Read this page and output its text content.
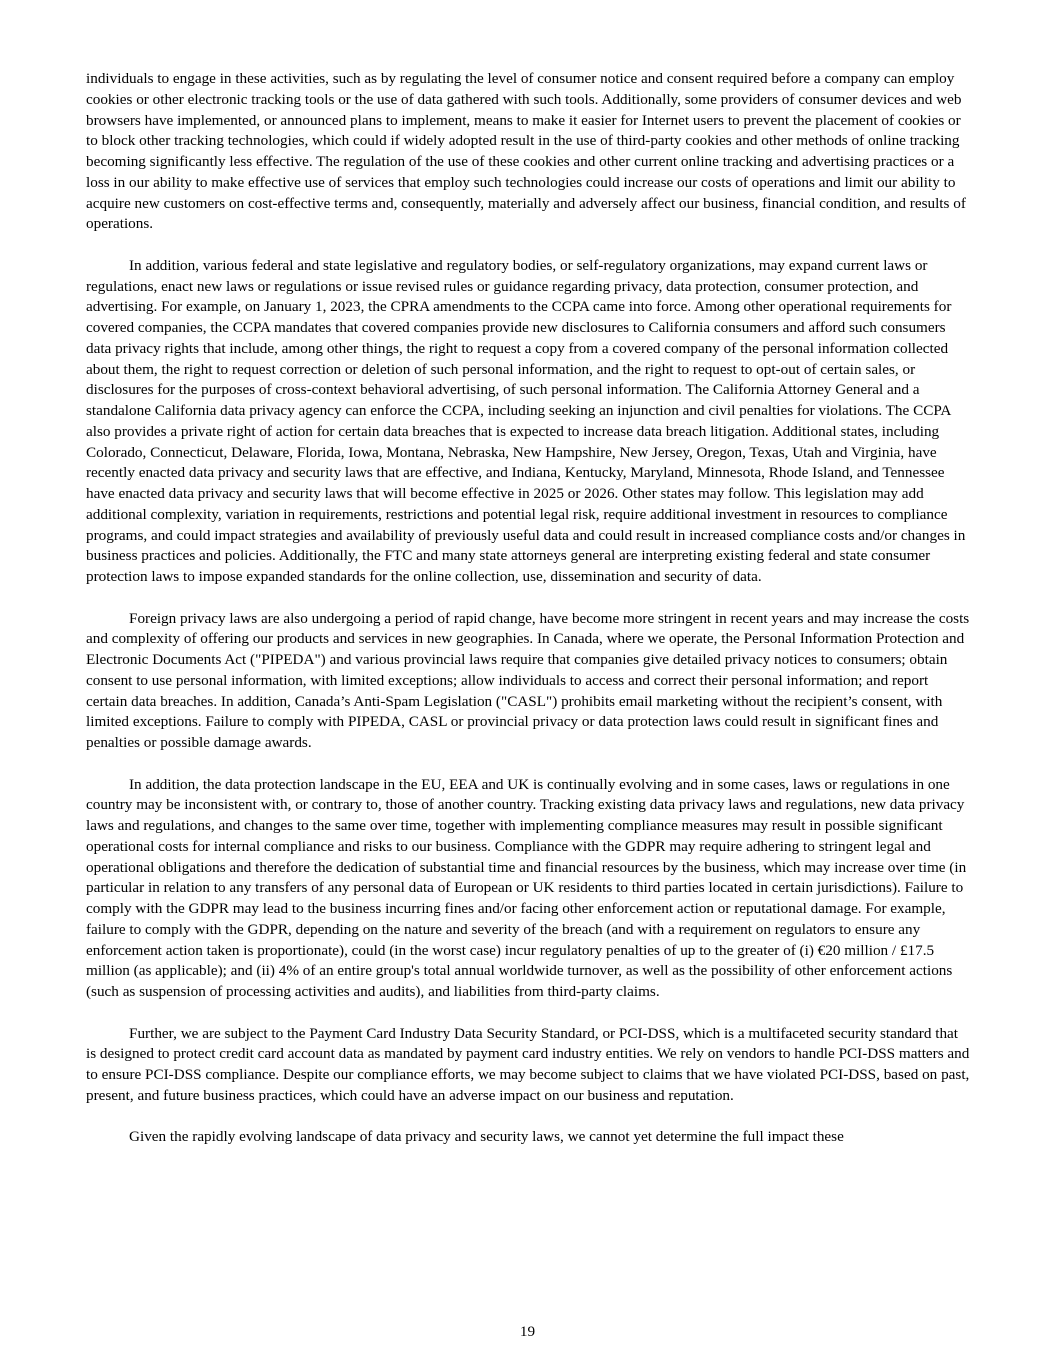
individuals to engage in these activities, such as by regulating the level of consumer notice and consent required before a company can employ cookies or other electronic tracking tools or the use of data gathered with such tools. Additionally, some providers of consumer devices and web browsers have implemented, or announced plans to implement, means to make it easier for Internet users to prevent the placement of cookies or to block other tracking technologies, which could if widely adopted result in the use of third-party cookies and other methods of online tracking becoming significantly less effective. The regulation of the use of these cookies and other current online tracking and advertising practices or a loss in our ability to make effective use of services that employ such technologies could increase our costs of operations and limit our ability to acquire new customers on cost-effective terms and, consequently, materially and adversely affect our business, financial condition, and results of operations.

In addition, various federal and state legislative and regulatory bodies, or self-regulatory organizations, may expand current laws or regulations, enact new laws or regulations or issue revised rules or guidance regarding privacy, data protection, consumer protection, and advertising. For example, on January 1, 2023, the CPRA amendments to the CCPA came into force. Among other operational requirements for covered companies, the CCPA mandates that covered companies provide new disclosures to California consumers and afford such consumers data privacy rights that include, among other things, the right to request a copy from a covered company of the personal information collected about them, the right to request correction or deletion of such personal information, and the right to request to opt-out of certain sales, or disclosures for the purposes of cross-context behavioral advertising, of such personal information. The California Attorney General and a standalone California data privacy agency can enforce the CCPA, including seeking an injunction and civil penalties for violations. The CCPA also provides a private right of action for certain data breaches that is expected to increase data breach litigation. Additional states, including Colorado, Connecticut, Delaware, Florida, Iowa, Montana, Nebraska, New Hampshire, New Jersey, Oregon, Texas, Utah and Virginia, have recently enacted data privacy and security laws that are effective, and Indiana, Kentucky, Maryland, Minnesota, Rhode Island, and Tennessee have enacted data privacy and security laws that will become effective in 2025 or 2026. Other states may follow. This legislation may add additional complexity, variation in requirements, restrictions and potential legal risk, require additional investment in resources to compliance programs, and could impact strategies and availability of previously useful data and could result in increased compliance costs and/or changes in business practices and policies. Additionally, the FTC and many state attorneys general are interpreting existing federal and state consumer protection laws to impose expanded standards for the online collection, use, dissemination and security of data.

Foreign privacy laws are also undergoing a period of rapid change, have become more stringent in recent years and may increase the costs and complexity of offering our products and services in new geographies. In Canada, where we operate, the Personal Information Protection and Electronic Documents Act ("PIPEDA") and various provincial laws require that companies give detailed privacy notices to consumers; obtain consent to use personal information, with limited exceptions; allow individuals to access and correct their personal information; and report certain data breaches. In addition, Canada’s Anti-Spam Legislation ("CASL") prohibits email marketing without the recipient’s consent, with limited exceptions. Failure to comply with PIPEDA, CASL or provincial privacy or data protection laws could result in significant fines and penalties or possible damage awards.

In addition, the data protection landscape in the EU, EEA and UK is continually evolving and in some cases, laws or regulations in one country may be inconsistent with, or contrary to, those of another country. Tracking existing data privacy laws and regulations, new data privacy laws and regulations, and changes to the same over time, together with implementing compliance measures may result in possible significant operational costs for internal compliance and risks to our business. Compliance with the GDPR may require adhering to stringent legal and operational obligations and therefore the dedication of substantial time and financial resources by the business, which may increase over time (in particular in relation to any transfers of any personal data of European or UK residents to third parties located in certain jurisdictions). Failure to comply with the GDPR may lead to the business incurring fines and/or facing other enforcement action or reputational damage. For example, failure to comply with the GDPR, depending on the nature and severity of the breach (and with a requirement on regulators to ensure any enforcement action taken is proportionate), could (in the worst case) incur regulatory penalties of up to the greater of (i) €20 million / £17.5 million (as applicable); and (ii) 4% of an entire group's total annual worldwide turnover, as well as the possibility of other enforcement actions (such as suspension of processing activities and audits), and liabilities from third-party claims.

Further, we are subject to the Payment Card Industry Data Security Standard, or PCI-DSS, which is a multifaceted security standard that is designed to protect credit card account data as mandated by payment card industry entities. We rely on vendors to handle PCI-DSS matters and to ensure PCI-DSS compliance. Despite our compliance efforts, we may become subject to claims that we have violated PCI-DSS, based on past, present, and future business practices, which could have an adverse impact on our business and reputation.

Given the rapidly evolving landscape of data privacy and security laws, we cannot yet determine the full impact these

19
